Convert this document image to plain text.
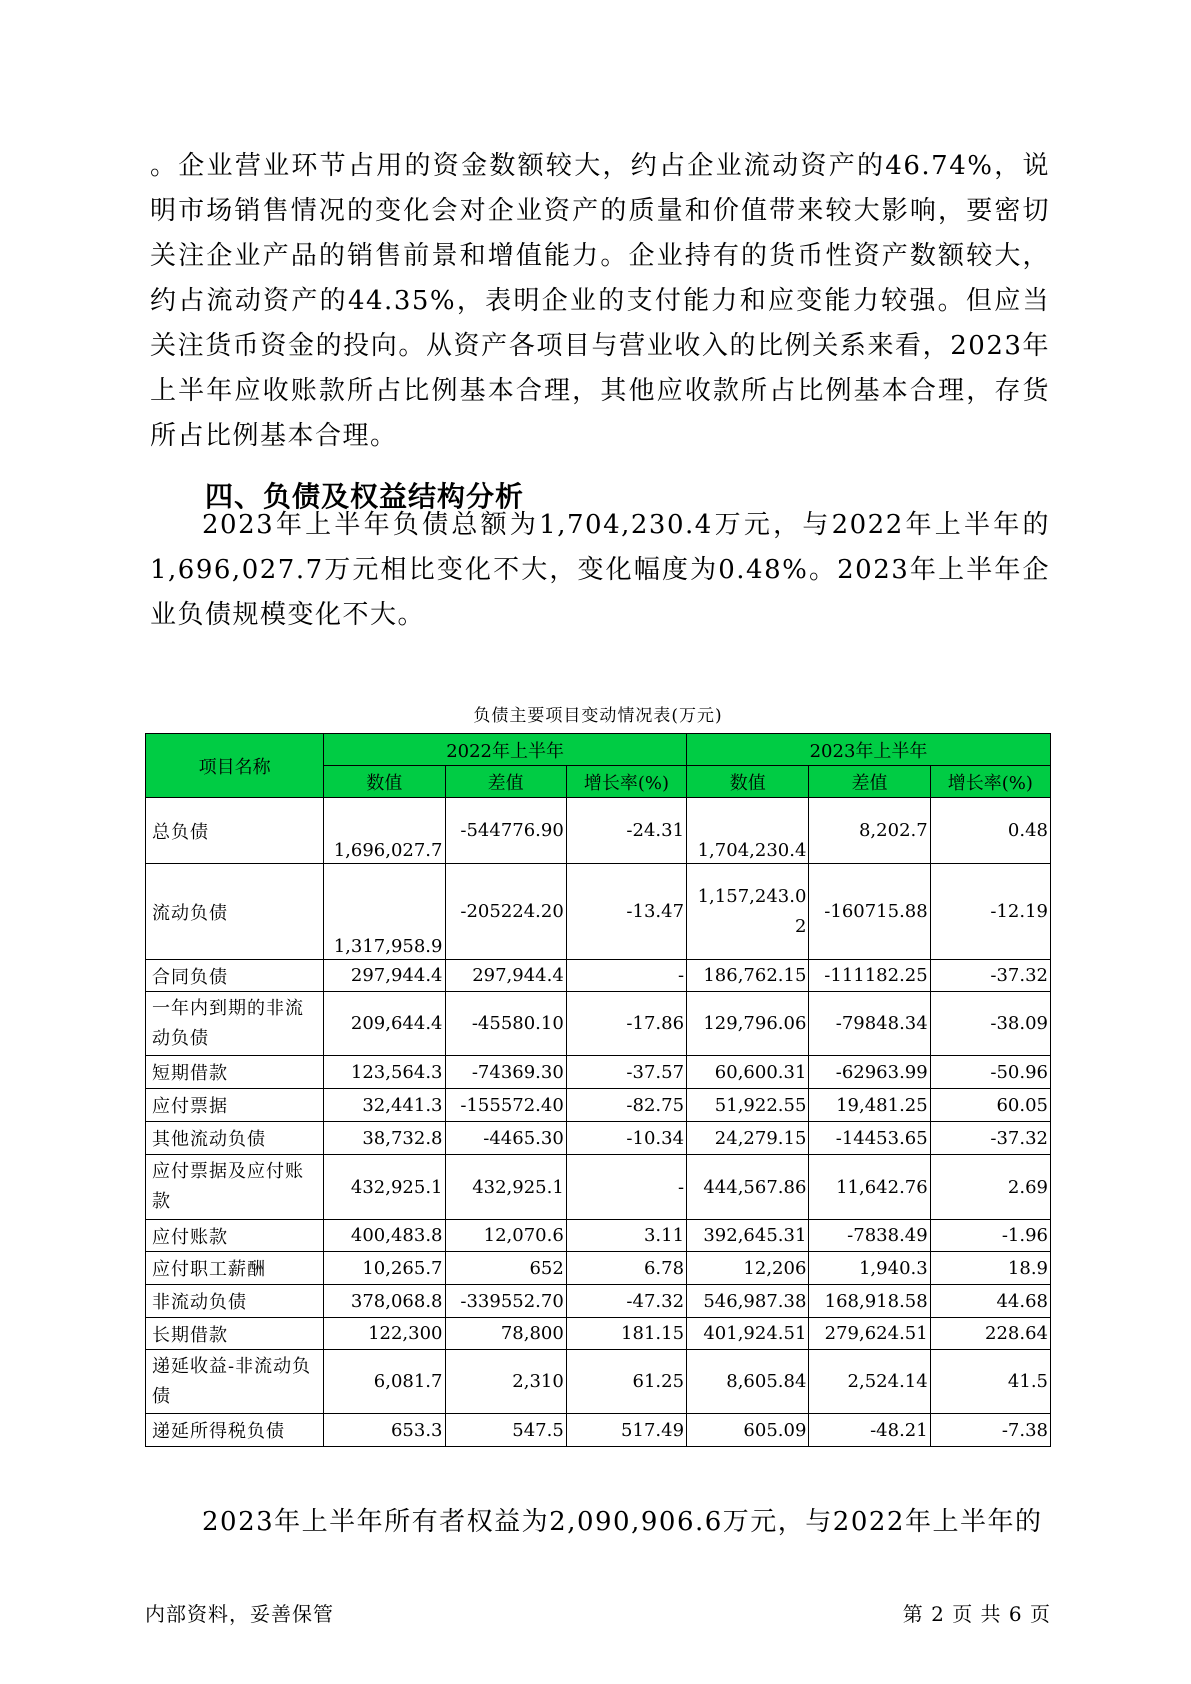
。企业营业环节占用的资金数额较大，约占企业流动资产的46.74%，说明市场销售情况的变化会对企业资产的质量和价值带来较大影响，要密切关注企业产品的销售前景和增值能力。企业持有的货币性资产数额较大，约占流动资产的44.35%，表明企业的支付能力和应变能力较强。但应当关注货币资金的投向。从资产各项目与营业收入的比例关系来看，2023年上半年应收账款所占比例基本合理，其他应收款所占比例基本合理，存货所占比例基本合理。

四、负债及权益结构分析

2023年上半年负债总额为1,704,230.4万元，与2022年上半年的1,696,027.7万元相比变化不大，变化幅度为0.48%。2023年上半年企业负债规模变化不大。

负债主要项目变动情况表(万元)
项目名称	2022年上半年			2023年上半年		
	数值	差值	增长率(%)	数值	差值	增长率(%)
总负债	1,696,027.7	-544776.90	-24.31	1,704,230.4	8,202.7	0.48
流动负债	1,317,958.9	-205224.20	-13.47	1,157,243.02	-160715.88	-12.19
合同负债	297,944.4	297,944.4	-	186,762.15	-111182.25	-37.32
一年内到期的非流动负债	209,644.4	-45580.10	-17.86	129,796.06	-79848.34	-38.09
短期借款	123,564.3	-74369.30	-37.57	60,600.31	-62963.99	-50.96
应付票据	32,441.3	-155572.40	-82.75	51,922.55	19,481.25	60.05
其他流动负债	38,732.8	-4465.30	-10.34	24,279.15	-14453.65	-37.32
应付票据及应付账款	432,925.1	432,925.1	-	444,567.86	11,642.76	2.69
应付账款	400,483.8	12,070.6	3.11	392,645.31	-7838.49	-1.96
应付职工薪酬	10,265.7	652	6.78	12,206	1,940.3	18.9
非流动负债	378,068.8	-339552.70	-47.32	546,987.38	168,918.58	44.68
长期借款	122,300	78,800	181.15	401,924.51	279,624.51	228.64
递延收益-非流动负债	6,081.7	2,310	61.25	8,605.84	2,524.14	41.5
递延所得税负债	653.3	547.5	517.49	605.09	-48.21	-7.38

2023年上半年所有者权益为2,090,906.6万元，与2022年上半年的

内部资料，妥善保管	第 2 页 共 6 页
